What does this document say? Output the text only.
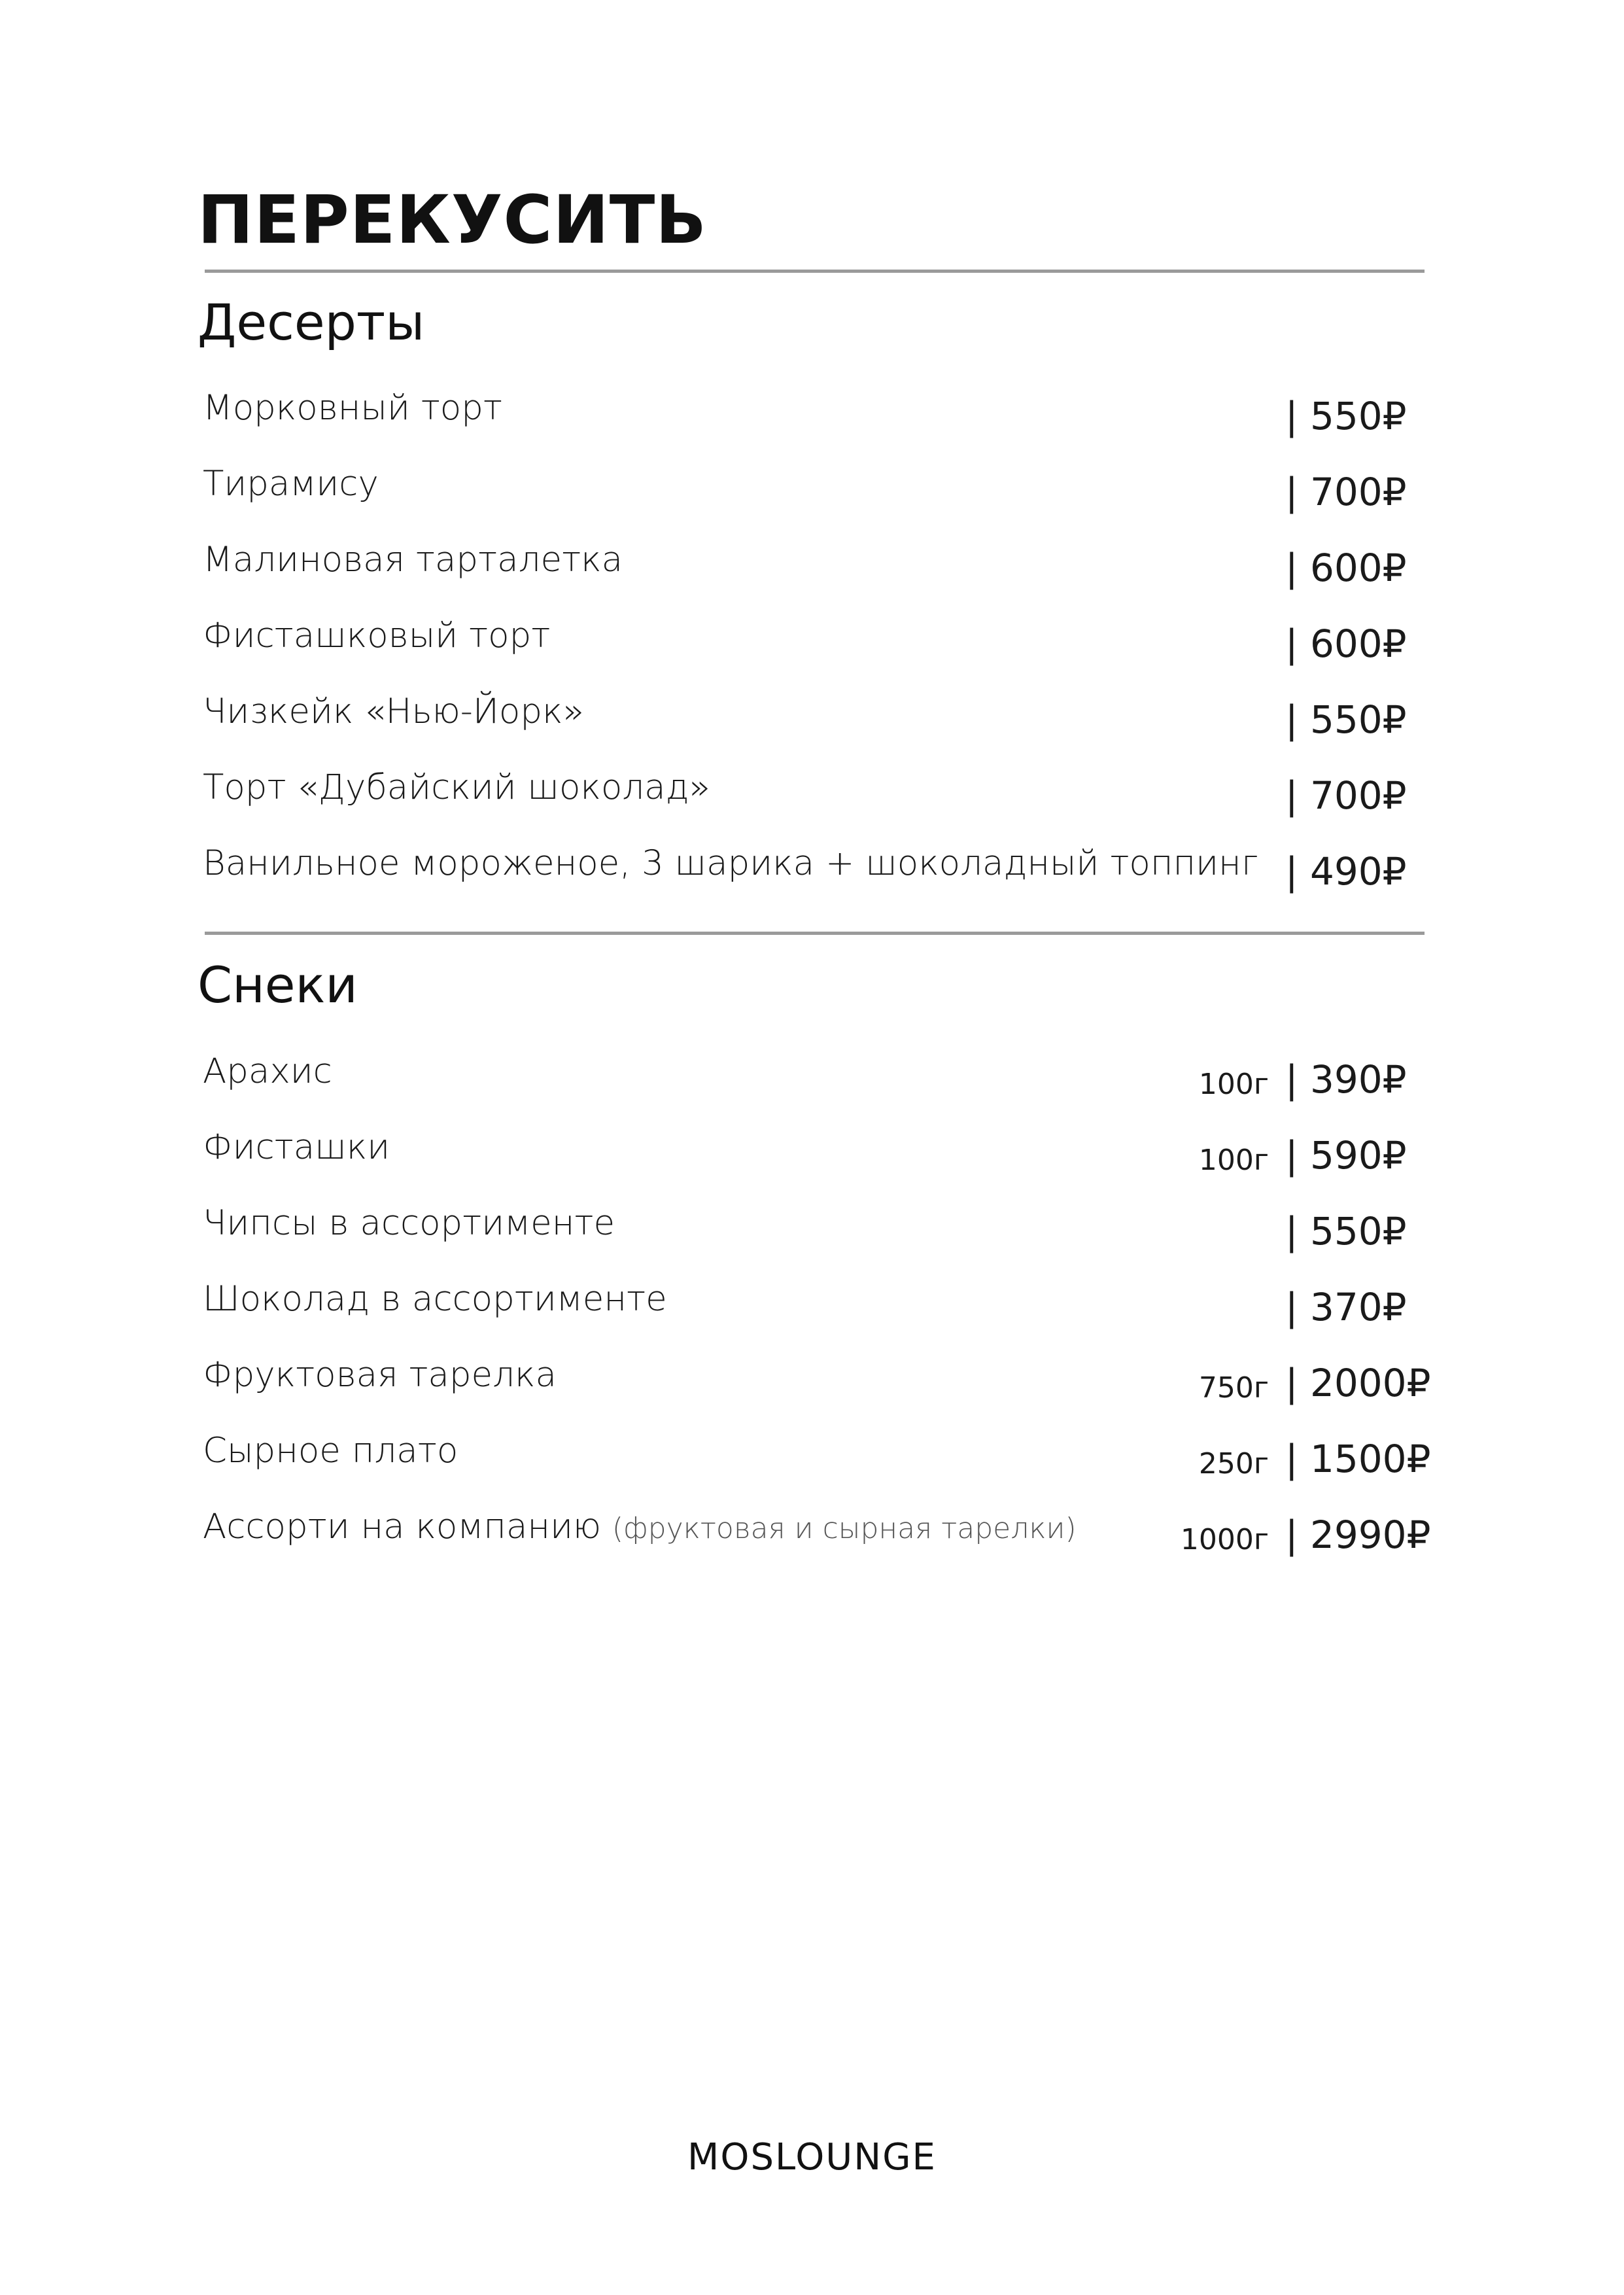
ПЕРЕКУСИТЬ
Десерты
Морковный торт	| 550₽
Тирамису	| 700₽
Малиновая тарталетка	| 600₽
Фисташковый торт	| 600₽
Чизкейк «Нью-Йорк»	| 550₽
Торт «Дубайский шоколад»	| 700₽
Ванильное мороженое, 3 шарика + шоколадный топпинг | 490₽
Снеки
Арахис	100г | 390₽
Фисташки	100г | 590₽
Чипсы в ассортименте	| 550₽
Шоколад в ассортименте	| 370₽
Фруктовая тарелка	750г | 2000₽
Сырное плато	250г | 1500₽
Ассорти на компанию (фруктовая и сырная тарелки)	1000г | 2990₽
MOSLOUNGE
